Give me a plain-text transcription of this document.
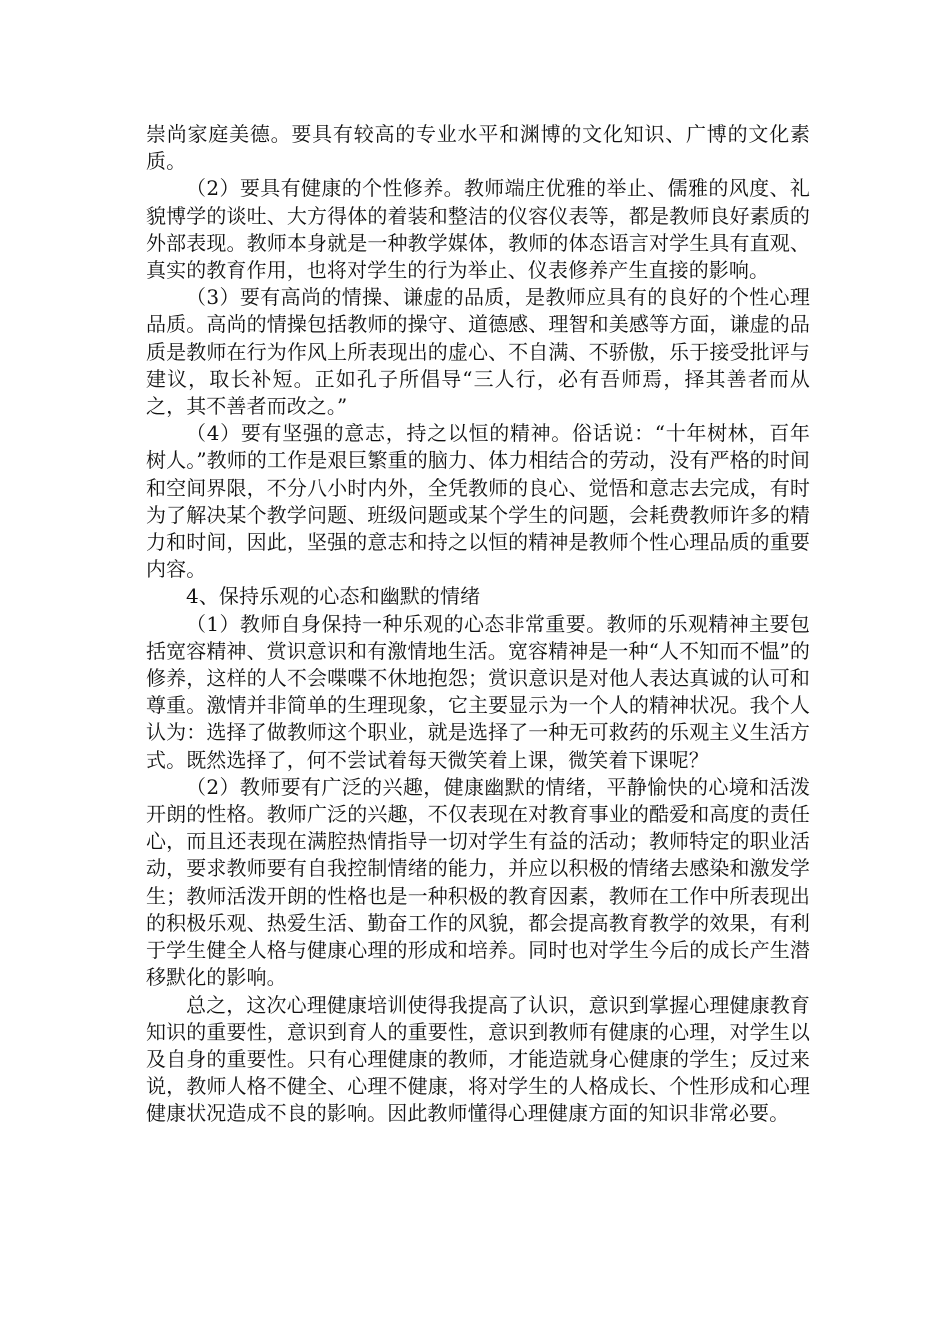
崇尚家庭美德。要具有较高的专业水平和渊博的文化知识、广博的文化素质。

（2）要具有健康的个性修养。教师端庄优雅的举止、儒雅的风度、礼貌博学的谈吐、大方得体的着装和整洁的仪容仪表等，都是教师良好素质的外部表现。教师本身就是一种教学媒体，教师的体态语言对学生具有直观、真实的教育作用，也将对学生的行为举止、仪表修养产生直接的影响。

（3）要有高尚的情操、谦虚的品质，是教师应具有的良好的个性心理品质。高尚的情操包括教师的操守、道德感、理智和美感等方面，谦虚的品质是教师在行为作风上所表现出的虚心、不自满、不骄傲，乐于接受批评与建议，取长补短。正如孔子所倡导“三人行，必有吾师焉，择其善者而从之，其不善者而改之。”

（4）要有坚强的意志，持之以恒的精神。俗话说：“十年树林，百年树人。”教师的工作是艰巨繁重的脑力、体力相结合的劳动，没有严格的时间和空间界限，不分八小时内外，全凭教师的良心、觉悟和意志去完成，有时为了解决某个教学问题、班级问题或某个学生的问题，会耗费教师许多的精力和时间，因此，坚强的意志和持之以恒的精神是教师个性心理品质的重要内容。

4、保持乐观的心态和幽默的情绪

（1）教师自身保持一种乐观的心态非常重要。教师的乐观精神主要包括宽容精神、赏识意识和有激情地生活。宽容精神是一种“人不知而不愠”的修养，这样的人不会喋喋不休地抱怨；赏识意识是对他人表达真诚的认可和尊重。激情并非简单的生理现象，它主要显示为一个人的精神状况。我个人认为：选择了做教师这个职业，就是选择了一种无可救药的乐观主义生活方式。既然选择了，何不尝试着每天微笑着上课，微笑着下课呢？

（2）教师要有广泛的兴趣，健康幽默的情绪，平静愉快的心境和活泼开朗的性格。教师广泛的兴趣，不仅表现在对教育事业的酷爱和高度的责任心，而且还表现在满腔热情指导一切对学生有益的活动；教师特定的职业活动，要求教师要有自我控制情绪的能力，并应以积极的情绪去感染和激发学生；教师活泼开朗的性格也是一种积极的教育因素，教师在工作中所表现出的积极乐观、热爱生活、勤奋工作的风貌，都会提高教育教学的效果，有利于学生健全人格与健康心理的形成和培养。同时也对学生今后的成长产生潜移默化的影响。

总之，这次心理健康培训使得我提高了认识，意识到掌握心理健康教育知识的重要性，意识到育人的重要性，意识到教师有健康的心理，对学生以及自身的重要性。只有心理健康的教师，才能造就身心健康的学生；反过来说，教师人格不健全、心理不健康，将对学生的人格成长、个性形成和心理健康状况造成不良的影响。因此教师懂得心理健康方面的知识非常必要。
